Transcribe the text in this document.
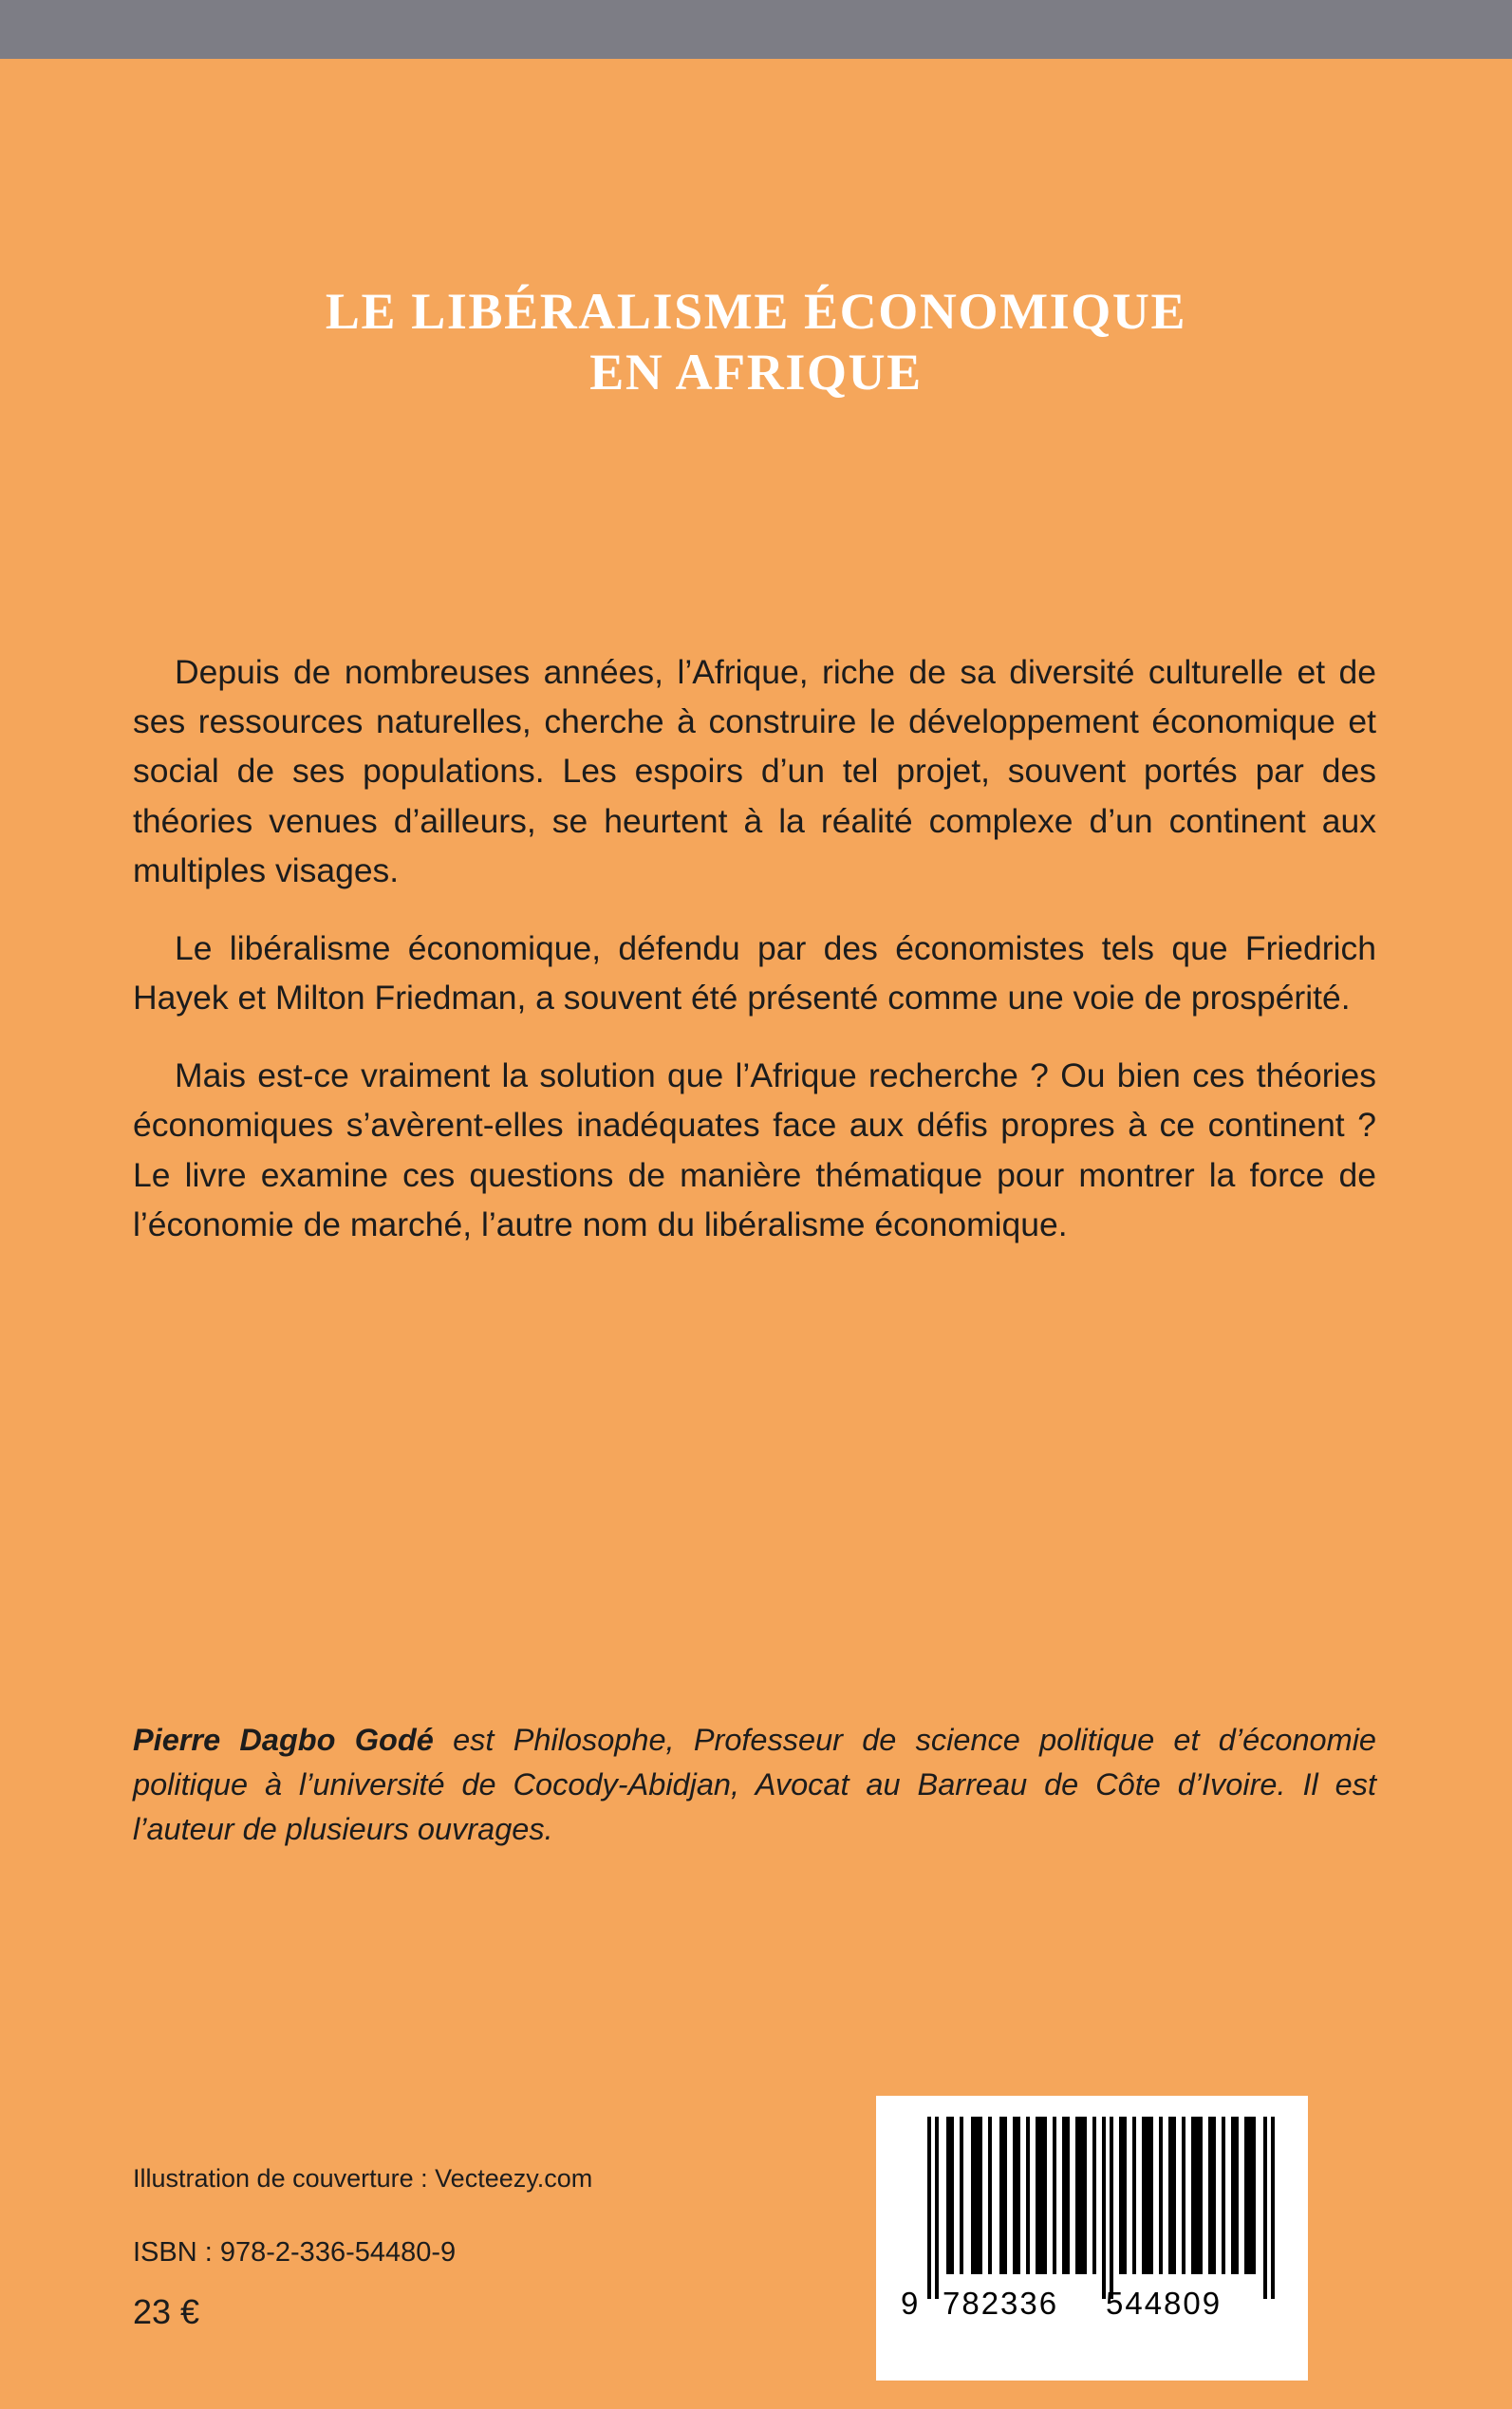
LE LIBÉRALISME ÉCONOMIQUE
EN AFRIQUE

Depuis de nombreuses années, l’Afrique, riche de sa diversité culturelle et de ses ressources naturelles, cherche à construire le développement économique et social de ses populations. Les espoirs d’un tel projet, souvent portés par des théories venues d’ailleurs, se heurtent à la réalité complexe d’un continent aux multiples visages.

Le libéralisme économique, défendu par des économistes tels que Friedrich Hayek et Milton Friedman, a souvent été présenté comme une voie de prospérité.

Mais est-ce vraiment la solution que l’Afrique recherche ? Ou bien ces théories économiques s’avèrent-elles inadéquates face aux défis propres à ce continent ? Le livre examine ces questions de manière thématique pour montrer la force de l’économie de marché, l’autre nom du libéralisme économique.

Pierre Dagbo Godé est Philosophe, Professeur de science politique et d’économie politique à l’université de Cocody-Abidjan, Avocat au Barreau de Côte d’Ivoire. Il est l’auteur de plusieurs ouvrages.
Illustration de couverture : Vecteezy.com
ISBN : 978-2-336-54480-9
23 €	9 782336 544809
